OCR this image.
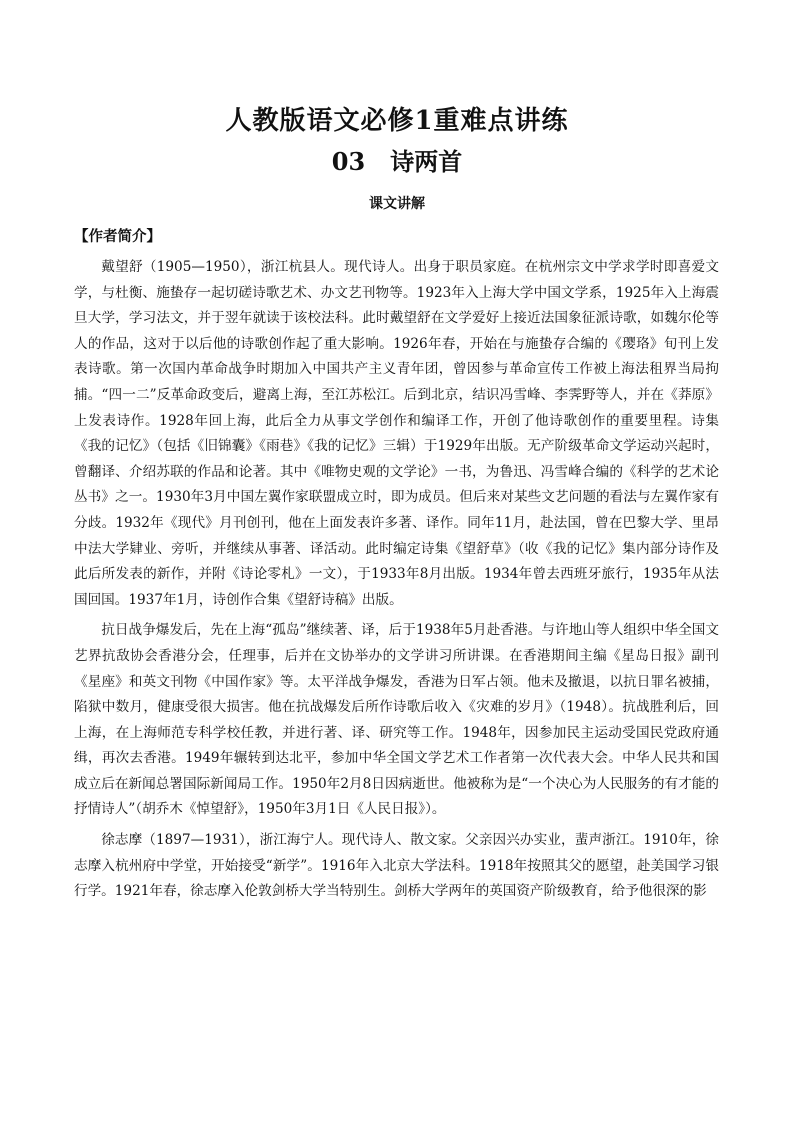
人教版语文必修1重难点讲练
03 诗两首
课文讲解
【作者简介】

戴望舒（1905—1950），浙江杭县人。现代诗人。出身于职员家庭。在杭州宗文中学求学时即喜爱文学，与杜衡、施蛰存一起切磋诗歌艺术、办文艺刊物等。1923年入上海大学中国文学系，1925年入上海震旦大学，学习法文，并于翌年就读于该校法科。此时戴望舒在文学爱好上接近法国象征派诗歌，如魏尔伦等人的作品，这对于以后他的诗歌创作起了重大影响。1926年春，开始在与施蛰存合编的《璎珞》旬刊上发表诗歌。第一次国内革命战争时期加入中国共产主义青年团，曾因参与革命宣传工作被上海法租界当局拘捕。“四一二”反革命政变后，避离上海，至江苏松江。后到北京，结识冯雪峰、李霁野等人，并在《莽原》上发表诗作。1928年回上海，此后全力从事文学创作和编译工作，开创了他诗歌创作的重要里程。诗集《我的记忆》（包括《旧锦囊》《雨巷》《我的记忆》三辑）于1929年出版。无产阶级革命文学运动兴起时，曾翻译、介绍苏联的作品和论著。其中《唯物史观的文学论》一书，为鲁迅、冯雪峰合编的《科学的艺术论丛书》之一。1930年3月中国左翼作家联盟成立时，即为成员。但后来对某些文艺问题的看法与左翼作家有分歧。1932年《现代》月刊创刊，他在上面发表许多著、译作。同年11月，赴法国，曾在巴黎大学、里昂中法大学肄业、旁听，并继续从事著、译活动。此时编定诗集《望舒草》（收《我的记忆》集内部分诗作及此后所发表的新作，并附《诗论零札》一文），于1933年8月出版。1934年曾去西班牙旅行，1935年从法国回国。1937年1月，诗创作合集《望舒诗稿》出版。

抗日战争爆发后，先在上海“孤岛”继续著、译，后于1938年5月赴香港。与许地山等人组织中华全国文艺界抗敌协会香港分会，任理事，后并在文协举办的文学讲习所讲课。在香港期间主编《星岛日报》副刊《星座》和英文刊物《中国作家》等。太平洋战争爆发，香港为日军占领。他未及撤退，以抗日罪名被捕，陷狱中数月，健康受很大损害。他在抗战爆发后所作诗歌后收入《灾难的岁月》（1948）。抗战胜利后，回上海，在上海师范专科学校任教，并进行著、译、研究等工作。1948年，因参加民主运动受国民党政府通缉，再次去香港。1949年辗转到达北平，参加中华全国文学艺术工作者第一次代表大会。中华人民共和国成立后在新闻总署国际新闻局工作。1950年2月8日因病逝世。他被称为是“一个决心为人民服务的有才能的抒情诗人”（胡乔木《悼望舒》，1950年3月1日《人民日报》）。

徐志摩（1897—1931），浙江海宁人。现代诗人、散文家。父亲因兴办实业，蜚声浙江。1910年，徐志摩入杭州府中学堂，开始接受“新学”。1916年入北京大学法科。1918年按照其父的愿望，赴美国学习银行学。1921年春，徐志摩入伦敦剑桥大学当特别生。剑桥大学两年的英国资产阶级教育，给予他很深的影
